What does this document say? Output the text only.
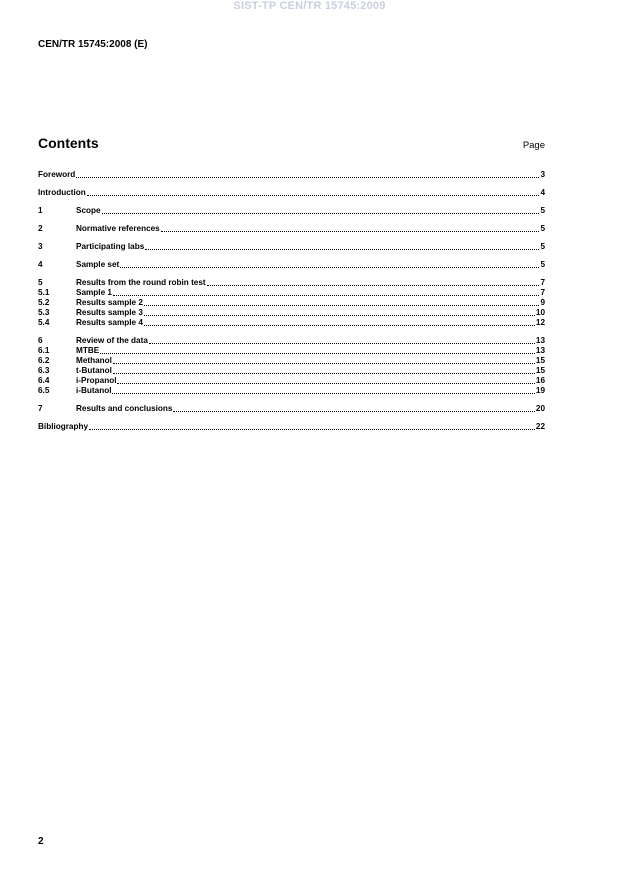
SIST-TP CEN/TR 15745:2009
CEN/TR 15745:2008 (E)
Contents	Page
Foreword	3
Introduction	4
1	Scope	5
2	Normative references	5
3	Participating labs	5
4	Sample set	5
5	Results from the round robin test	7
5.1	Sample 1	7
5.2	Results sample 2	9
5.3	Results sample 3	10
5.4	Results sample 4	12
6	Review of the data	13
6.1	MTBE	13
6.2	Methanol	15
6.3	t-Butanol	15
6.4	i-Propanol	16
6.5	i-Butanol	19
7	Results and conclusions	20
Bibliography	22
2
